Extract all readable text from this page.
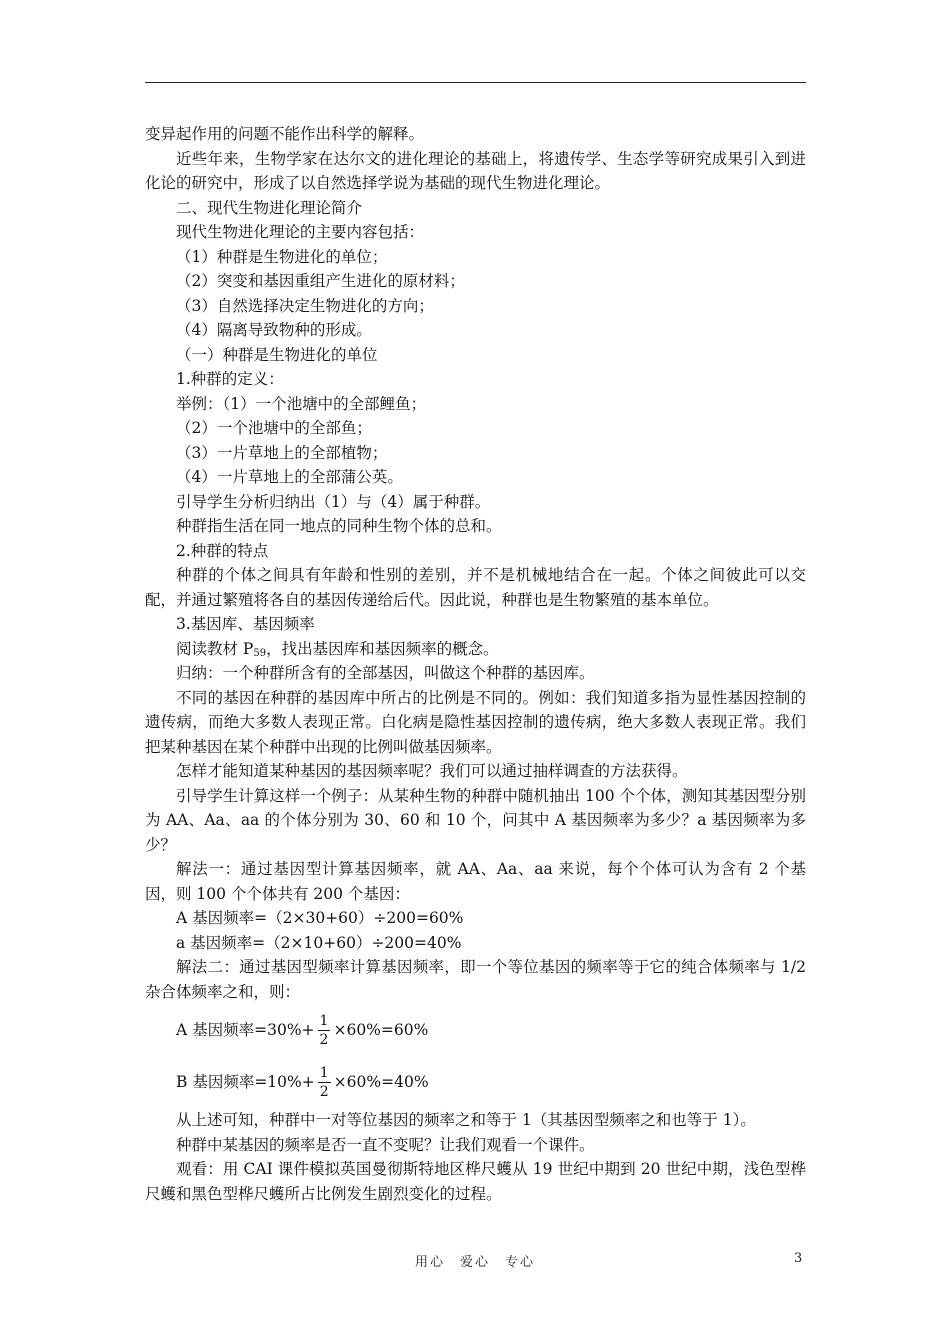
变异起作用的问题不能作出科学的解释。
近些年来，生物学家在达尔文的进化理论的基础上，将遗传学、生态学等研究成果引入到进化论的研究中，形成了以自然选择学说为基础的现代生物进化理论。
二、现代生物进化理论简介
现代生物进化理论的主要内容包括：
（1）种群是生物进化的单位；
（2）突变和基因重组产生进化的原材料；
（3）自然选择决定生物进化的方向；
（4）隔离导致物种的形成。
（一）种群是生物进化的单位
1.种群的定义：
举例：（1）一个池塘中的全部鲤鱼；
（2）一个池塘中的全部鱼；
（3）一片草地上的全部植物；
（4）一片草地上的全部蒲公英。
引导学生分析归纳出（1）与（4）属于种群。
种群指生活在同一地点的同种生物个体的总和。
2.种群的特点
种群的个体之间具有年龄和性别的差别，并不是机械地结合在一起。个体之间彼此可以交配，并通过繁殖将各自的基因传递给后代。因此说，种群也是生物繁殖的基本单位。
3.基因库、基因频率
阅读教材 $P_{59}$，找出基因库和基因频率的概念。
归纳：一个种群所含有的全部基因，叫做这个种群的基因库。
不同的基因在种群的基因库中所占的比例是不同的。例如：我们知道多指为显性基因控制的遗传病，而绝大多数人表现正常。白化病是隐性基因控制的遗传病，绝大多数人表现正常。我们把某种基因在某个种群中出现的比例叫做基因频率。
怎样才能知道某种基因的基因频率呢？我们可以通过抽样调查的方法获得。
引导学生计算这样一个例子：从某种生物的种群中随机抽出 100 个个体，测知其基因型分别为 AA、Aa、aa 的个体分别为 30、60 和 10 个，问其中 A 基因频率为多少？a 基因频率为多少？
解法一：通过基因型计算基因频率，就 AA、Aa、aa 来说，每个个体可认为含有 2 个基因，则 100 个个体共有 200 个基因：
A 基因频率=（2×30+60）÷200=60%
a 基因频率=（2×10+60）÷200=40%
解法二：通过基因型频率计算基因频率，即一个等位基因的频率等于它的纯合体频率与 1/2 杂合体频率之和，则：
A 基因频率$=30\%+ \frac{1}{2} \times 60\%=60\%$
B 基因频率$=10\%+ \frac{1}{2} \times 60\%=40\%$
从上述可知，种群中一对等位基因的频率之和等于 1（其基因型频率之和也等于 1）。
种群中某基因的频率是否一直不变呢？让我们观看一个课件。
观看：用 CAI 课件模拟英国曼彻斯特地区桦尺蠖从 19 世纪中期到 20 世纪中期，浅色型桦尺蠖和黑色型桦尺蠖所占比例发生剧烈变化的过程。
用心　爱心　专心	3
